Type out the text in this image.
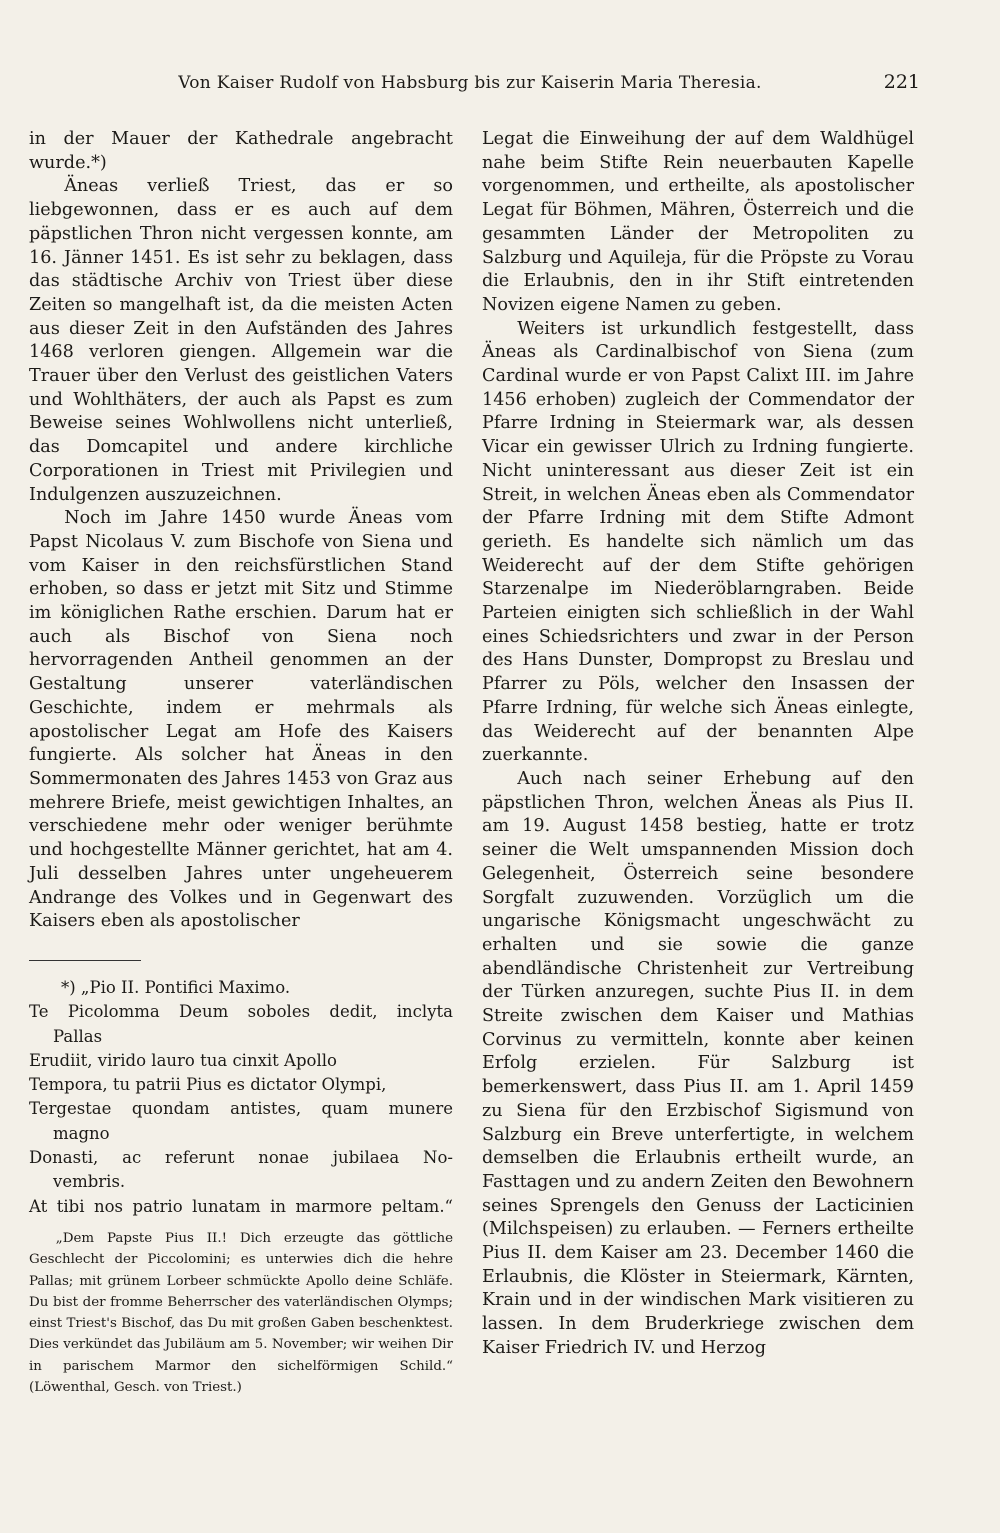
Von Kaiser Rudolf von Habsburg bis zur Kaiserin Maria Theresia.	221

in der Mauer der Kathedrale angebracht wurde.*)

Äneas verließ Triest, das er so liebgewonnen, dass er es auch auf dem päpstlichen Thron nicht vergessen konnte, am 16. Jänner 1451. Es ist sehr zu beklagen, dass das städtische Archiv von Triest über diese Zeiten so mangelhaft ist, da die meisten Acten aus dieser Zeit in den Aufständen des Jahres 1468 verloren giengen. Allgemein war die Trauer über den Verlust des geistlichen Vaters und Wohlthäters, der auch als Papst es zum Beweise seines Wohlwollens nicht unterließ, das Domcapitel und andere kirchliche Corporationen in Triest mit Privilegien und Indulgenzen auszuzeichnen.

Noch im Jahre 1450 wurde Äneas vom Papst Nicolaus V. zum Bischofe von Siena und vom Kaiser in den reichsfürstlichen Stand erhoben, so dass er jetzt mit Sitz und Stimme im königlichen Rathe erschien. Darum hat er auch als Bischof von Siena noch hervorragenden Antheil genommen an der Gestaltung unserer vaterländischen Geschichte, indem er mehrmals als apostolischer Legat am Hofe des Kaisers fungierte. Als solcher hat Äneas in den Sommermonaten des Jahres 1453 von Graz aus mehrere Briefe, meist gewichtigen Inhaltes, an verschiedene mehr oder weniger berühmte und hochgestellte Männer gerichtet, hat am 4. Juli desselben Jahres unter ungeheuerem Andrange des Volkes und in Gegenwart des Kaisers eben als apostolischer

*) „Pio II. Pontifici Maximo.
Te Picolomma Deum soboles dedit, inclyta
Pallas
Erudiit, virido lauro tua cinxit Apollo
Tempora, tu patrii Pius es dictator Olympi,
Tergestae quondam antistes, quam munere
magno
Donasti, ac referunt nonae jubilaea No-
vembris.
At tibi nos patrio lunatam in marmore peltam.“

„Dem Papste Pius II.! Dich erzeugte das göttliche Geschlecht der Piccolomini; es unterwies dich die hehre Pallas; mit grünem Lorbeer schmückte Apollo deine Schläfe. Du bist der fromme Beherrscher des vaterländischen Olymps; einst Triest's Bischof, das Du mit großen Gaben beschenktest. Dies verkündet das Jubiläum am 5. November; wir weihen Dir in parischem Marmor den sichelförmigen Schild.“ (Löwenthal, Gesch. von Triest.)

Legat die Einweihung der auf dem Waldhügel nahe beim Stifte Rein neuerbauten Kapelle vorgenommen, und ertheilte, als apostolischer Legat für Böhmen, Mähren, Österreich und die gesammten Länder der Metropoliten zu Salzburg und Aquileja, für die Pröpste zu Vorau die Erlaubnis, den in ihr Stift eintretenden Novizen eigene Namen zu geben.

Weiters ist urkundlich festgestellt, dass Äneas als Cardinalbischof von Siena (zum Cardinal wurde er von Papst Calixt III. im Jahre 1456 erhoben) zugleich der Commendator der Pfarre Irdning in Steiermark war, als dessen Vicar ein gewisser Ulrich zu Irdning fungierte. Nicht uninteressant aus dieser Zeit ist ein Streit, in welchen Äneas eben als Commendator der Pfarre Irdning mit dem Stifte Admont gerieth. Es handelte sich nämlich um das Weiderecht auf der dem Stifte gehörigen Starzenalpe im Niederöblarngraben. Beide Parteien einigten sich schließlich in der Wahl eines Schiedsrichters und zwar in der Person des Hans Dunster, Dompropst zu Breslau und Pfarrer zu Pöls, welcher den Insassen der Pfarre Irdning, für welche sich Äneas einlegte, das Weiderecht auf der benannten Alpe zuerkannte.

Auch nach seiner Erhebung auf den päpstlichen Thron, welchen Äneas als Pius II. am 19. August 1458 bestieg, hatte er trotz seiner die Welt umspannenden Mission doch Gelegenheit, Österreich seine besondere Sorgfalt zuzuwenden. Vorzüglich um die ungarische Königsmacht ungeschwächt zu erhalten und sie sowie die ganze abendländische Christenheit zur Vertreibung der Türken anzuregen, suchte Pius II. in dem Streite zwischen dem Kaiser und Mathias Corvinus zu vermitteln, konnte aber keinen Erfolg erzielen. Für Salzburg ist bemerkenswert, dass Pius II. am 1. April 1459 zu Siena für den Erzbischof Sigismund von Salzburg ein Breve unterfertigte, in welchem demselben die Erlaubnis ertheilt wurde, an Fasttagen und zu andern Zeiten den Bewohnern seines Sprengels den Genuss der Lacticinien (Milchspeisen) zu erlauben. — Ferners ertheilte Pius II. dem Kaiser am 23. December 1460 die Erlaubnis, die Klöster in Steiermark, Kärnten, Krain und in der windischen Mark visitieren zu lassen. In dem Bruderkriege zwischen dem Kaiser Friedrich IV. und Herzog
